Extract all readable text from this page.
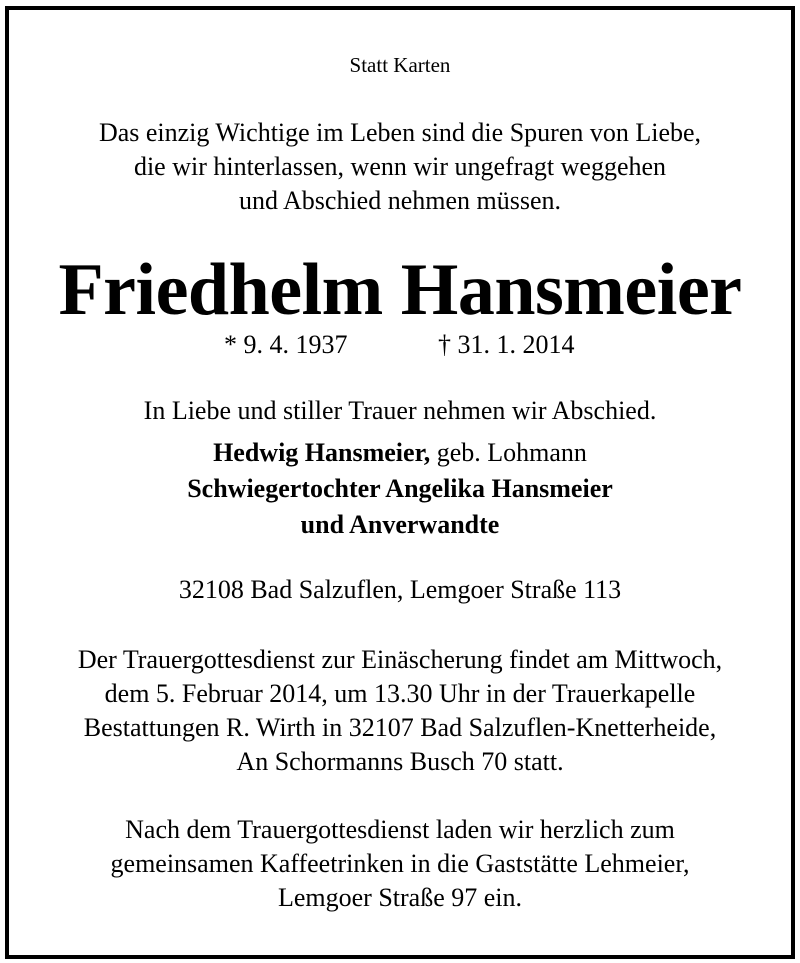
Statt Karten
Das einzig Wichtige im Leben sind die Spuren von Liebe,
die wir hinterlassen, wenn wir ungefragt weggehen
und Abschied nehmen müssen.
Friedhelm Hansmeier
* 9. 4. 1937	† 31. 1. 2014
In Liebe und stiller Trauer nehmen wir Abschied.
Hedwig Hansmeier, geb. Lohmann
Schwiegertochter Angelika Hansmeier
und Anverwandte
32108 Bad Salzuflen, Lemgoer Straße 113
Der Trauergottesdienst zur Einäscherung findet am Mittwoch,
dem 5. Februar 2014, um 13.30 Uhr in der Trauerkapelle
Bestattungen R. Wirth in 32107 Bad Salzuflen-Knetterheide,
An Schormanns Busch 70 statt.
Nach dem Trauergottesdienst laden wir herzlich zum
gemeinsamen Kaffeetrinken in die Gaststätte Lehmeier,
Lemgoer Straße 97 ein.
